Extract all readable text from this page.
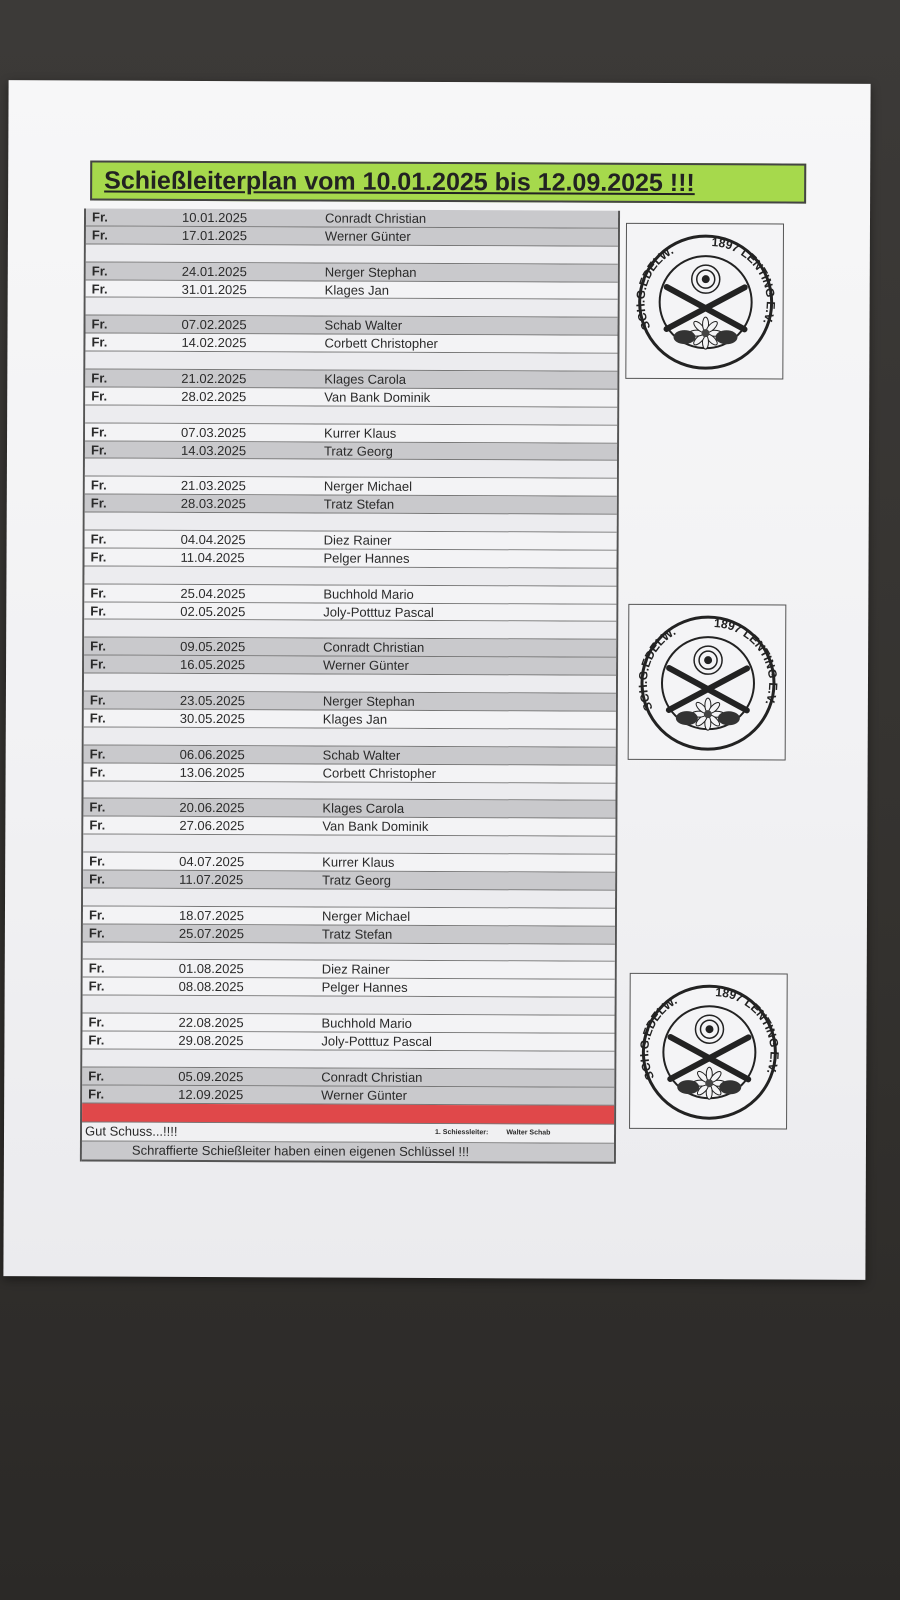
Schießleiterplan vom 10.01.2025 bis 12.09.2025 !!!
Fr.	10.01.2025	Conradt Christian
Fr.	17.01.2025	Werner Günter
Fr.	24.01.2025	Nerger Stephan
Fr.	31.01.2025	Klages Jan
Fr.	07.02.2025	Schab Walter
Fr.	14.02.2025	Corbett Christopher
Fr.	21.02.2025	Klages Carola
Fr.	28.02.2025	Van Bank Dominik
Fr.	07.03.2025	Kurrer Klaus
Fr.	14.03.2025	Tratz Georg
Fr.	21.03.2025	Nerger Michael
Fr.	28.03.2025	Tratz Stefan
Fr.	04.04.2025	Diez Rainer
Fr.	11.04.2025	Pelger Hannes
Fr.	25.04.2025	Buchhold Mario
Fr.	02.05.2025	Joly-Potttuz Pascal
Fr.	09.05.2025	Conradt Christian
Fr.	16.05.2025	Werner Günter
Fr.	23.05.2025	Nerger Stephan
Fr.	30.05.2025	Klages Jan
Fr.	06.06.2025	Schab Walter
Fr.	13.06.2025	Corbett Christopher
Fr.	20.06.2025	Klages Carola
Fr.	27.06.2025	Van Bank Dominik
Fr.	04.07.2025	Kurrer Klaus
Fr.	11.07.2025	Tratz Georg
Fr.	18.07.2025	Nerger Michael
Fr.	25.07.2025	Tratz Stefan
Fr.	01.08.2025	Diez Rainer
Fr.	08.08.2025	Pelger Hannes
Fr.	22.08.2025	Buchhold Mario
Fr.	29.08.2025	Joly-Potttuz Pascal
Fr.	05.09.2025	Conradt Christian
Fr.	12.09.2025	Werner Günter
Gut Schuss...!!!!	1. Schiessleiter:	Walter Schab
Schraffierte Schießleiter haben einen eigenen Schlüssel !!!
SCH.G.EDELW.
1897 LENTING E.V.
SCH.G.EDELW.
1897 LENTING E.V.
SCH.G.EDELW.
1897 LENTING E.V.
